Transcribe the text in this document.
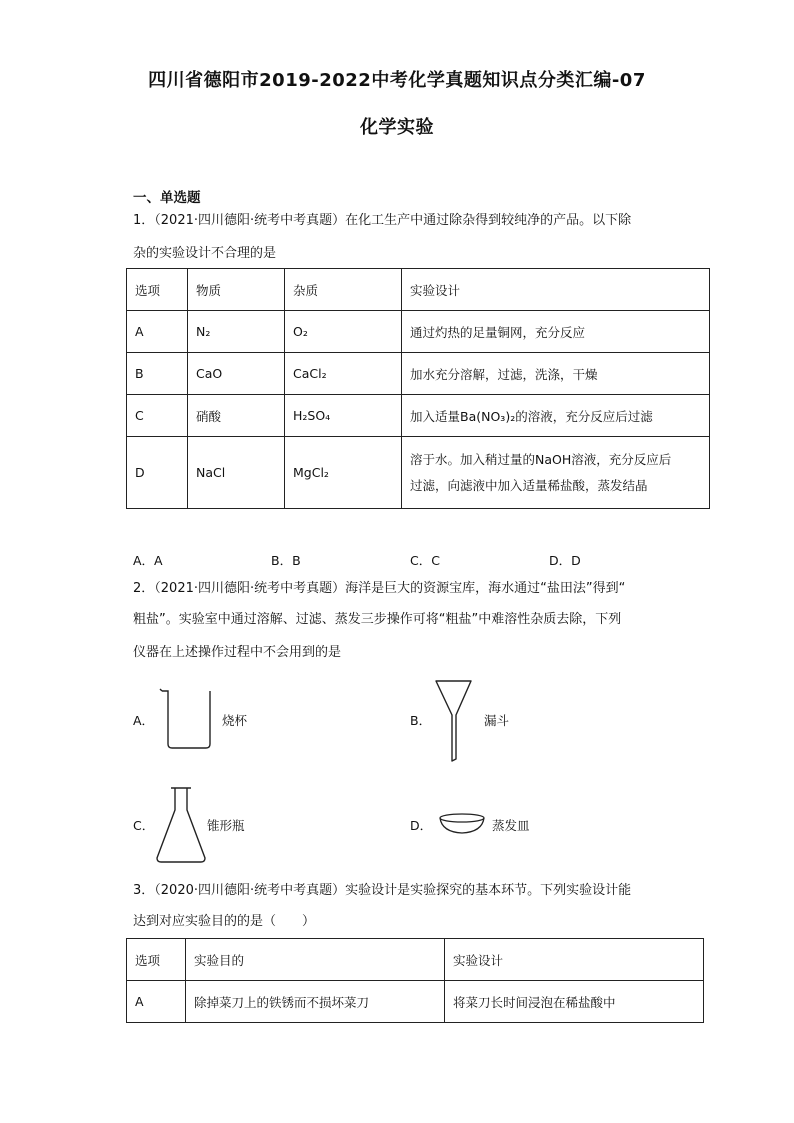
四川省德阳市2019-2022中考化学真题知识点分类汇编-07
化学实验
一、单选题
1．（2021·四川德阳·统考中考真题）在化工生产中通过除杂得到较纯净的产品。以下除
杂的实验设计不合理的是
选项	物质	杂质	实验设计
A	N₂	O₂	通过灼热的足量铜网，充分反应
B	CaO	CaCl₂	加水充分溶解，过滤，洗涤，干燥
C	硝酸	H₂SO₄	加入适量Ba(NO₃)₂的溶液，充分反应后过滤
D	NaCl	MgCl₂	溶于水。加入稍过量的NaOH溶液，充分反应后
过滤，向滤液中加入适量稀盐酸，蒸发结晶
A．A	B．B	C．C	D．D
2．（2021·四川德阳·统考中考真题）海洋是巨大的资源宝库，海水通过“盐田法”得到“
粗盐”。实验室中通过溶解、过滤、蒸发三步操作可将“粗盐”中难溶性杂质去除，下列
仪器在上述操作过程中不会用到的是
A．	烧杯	B．	漏斗
C．	锥形瓶	D．	蒸发皿
3．（2020·四川德阳·统考中考真题）实验设计是实验探究的基本环节。下列实验设计能
达到对应实验目的的是（　　）
选项	实验目的	实验设计
A	除掉菜刀上的铁锈而不损坏菜刀	将菜刀长时间浸泡在稀盐酸中
